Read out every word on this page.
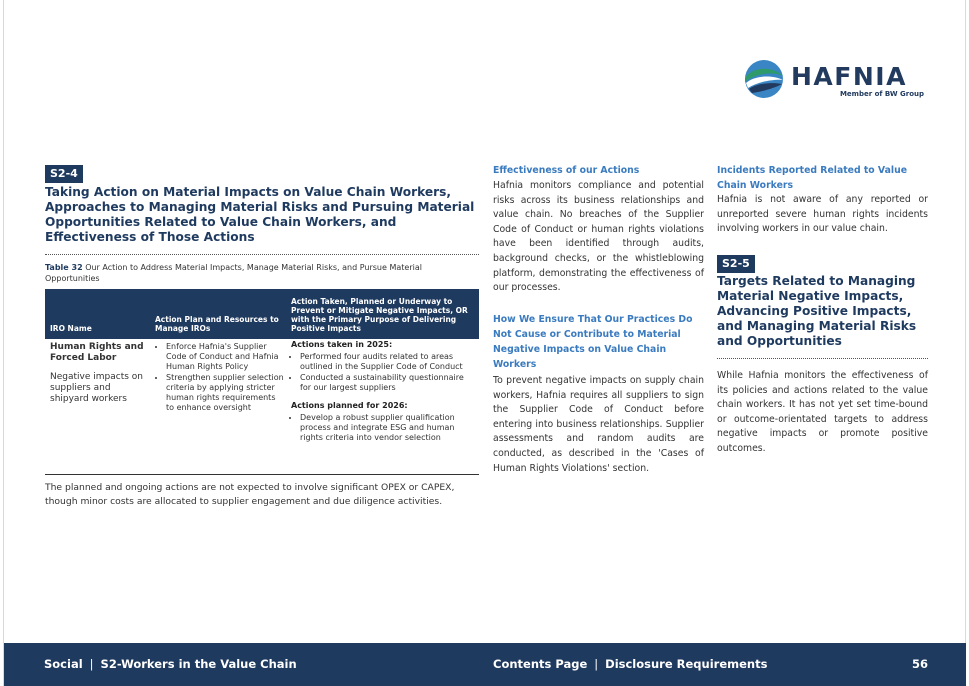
HAFNIA
Member of BW Group
S2-4
Taking Action on Material Impacts on Value Chain Workers, Approaches to Managing Material Risks and Pursuing Material Opportunities Related to Value Chain Workers, and Effectiveness of Those Actions
Table 32 Our Action to Address Material Impacts, Manage Material Risks, and Pursue Material Opportunities
IRO Name
Action Plan and Resources to Manage IROs
Action Taken, Planned or Underway to Prevent or Mitigate Negative Impacts, OR with the Primary Purpose of Delivering Positive Impacts
Human Rights and Forced Labor
Negative impacts on suppliers and shipyard workers
• Enforce Hafnia's Supplier Code of Conduct and Hafnia Human Rights Policy
• Strengthen supplier selection criteria by applying stricter human rights requirements to enhance oversight

Actions taken in 2025:

• Performed four audits related to areas outlined in the Supplier Code of Conduct
• Conducted a sustainability questionnaire for our largest suppliers

Actions planned for 2026:

• Develop a robust supplier qualification process and integrate ESG and human rights criteria into vendor selection

The planned and ongoing actions are not expected to involve significant OPEX or CAPEX, though minor costs are allocated to supplier engagement and due diligence activities.

Effectiveness of our Actions

Hafnia monitors compliance and potential risks across its business relationships and value chain. No breaches of the Supplier Code of Conduct or human rights violations have been identified through audits, background checks, or the whistleblowing platform, demonstrating the effectiveness of our processes.

How We Ensure That Our Practices Do Not Cause or Contribute to Material Negative Impacts on Value Chain Workers

To prevent negative impacts on supply chain workers, Hafnia requires all suppliers to sign the Supplier Code of Conduct before entering into business relationships. Supplier assessments and random audits are conducted, as described in the 'Cases of Human Rights Violations' section.

Incidents Reported Related to Value Chain Workers

Hafnia is not aware of any reported or unreported severe human rights incidents involving workers in our value chain.

S2-5
Targets Related to Managing Material Negative Impacts, Advancing Positive Impacts, and Managing Material Risks and Opportunities

While Hafnia monitors the effectiveness of its policies and actions related to the value chain workers. It has not yet set time-bound or outcome-orientated targets to address negative impacts or promote positive outcomes.

Social | S2-Workers in the Value Chain	Contents Page | Disclosure Requirements	56
